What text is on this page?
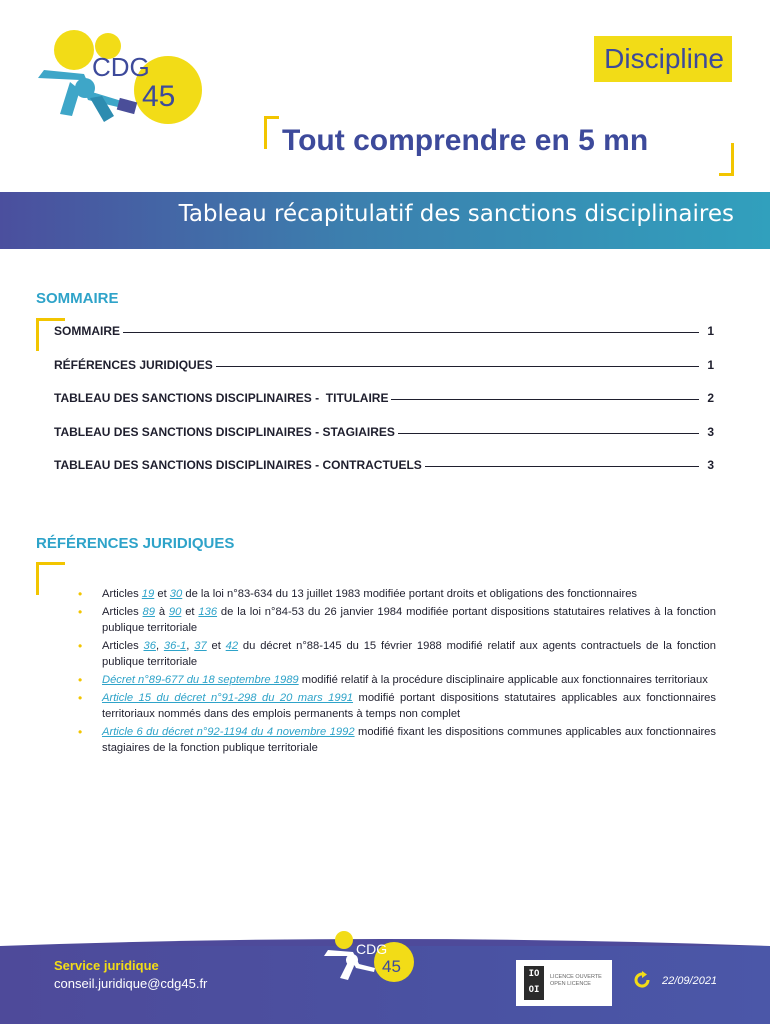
CDG
45
Discipline
Tout comprendre en 5 mn
Tableau récapitulatif des sanctions disciplinaires
SOMMAIRE
SOMMAIRE	1
RÉFÉRENCES JURIDIQUES	1
TABLEAU DES SANCTIONS DISCIPLINAIRES -  TITULAIRE	2
TABLEAU DES SANCTIONS DISCIPLINAIRES - STAGIAIRES	3
TABLEAU DES SANCTIONS DISCIPLINAIRES - CONTRACTUELS	3
RÉFÉRENCES JURIDIQUES
• Articles 19 et 30 de la loi n°83-634 du 13 juillet 1983 modifiée portant droits et obligations des fonctionnaires
• Articles 89 à 90 et 136 de la loi n°84-53 du 26 janvier 1984 modifiée portant dispositions statutaires relatives à la fonction publique territoriale
• Articles 36, 36-1, 37 et 42 du décret n°88-145 du 15 février 1988 modifié relatif aux agents contractuels de la fonction publique territoriale
• Décret n°89-677 du 18 septembre 1989 modifié relatif à la procédure disciplinaire applicable aux fonctionnaires territoriaux
• Article 15 du décret n°91-298 du 20 mars 1991 modifié portant dispositions statutaires applicables aux fonctionnaires territoriaux nommés dans des emplois permanents à temps non complet
• Article 6 du décret n°92-1194 du 4 novembre 1992 modifié fixant les dispositions communes applicables aux fonctionnaires stagiaires de la fonction publique territoriale
Service juridique
conseil.juridique@cdg45.fr
CDG
45	IO OI
LICENCE OUVERTE OPEN LICENCE	22/09/2021
